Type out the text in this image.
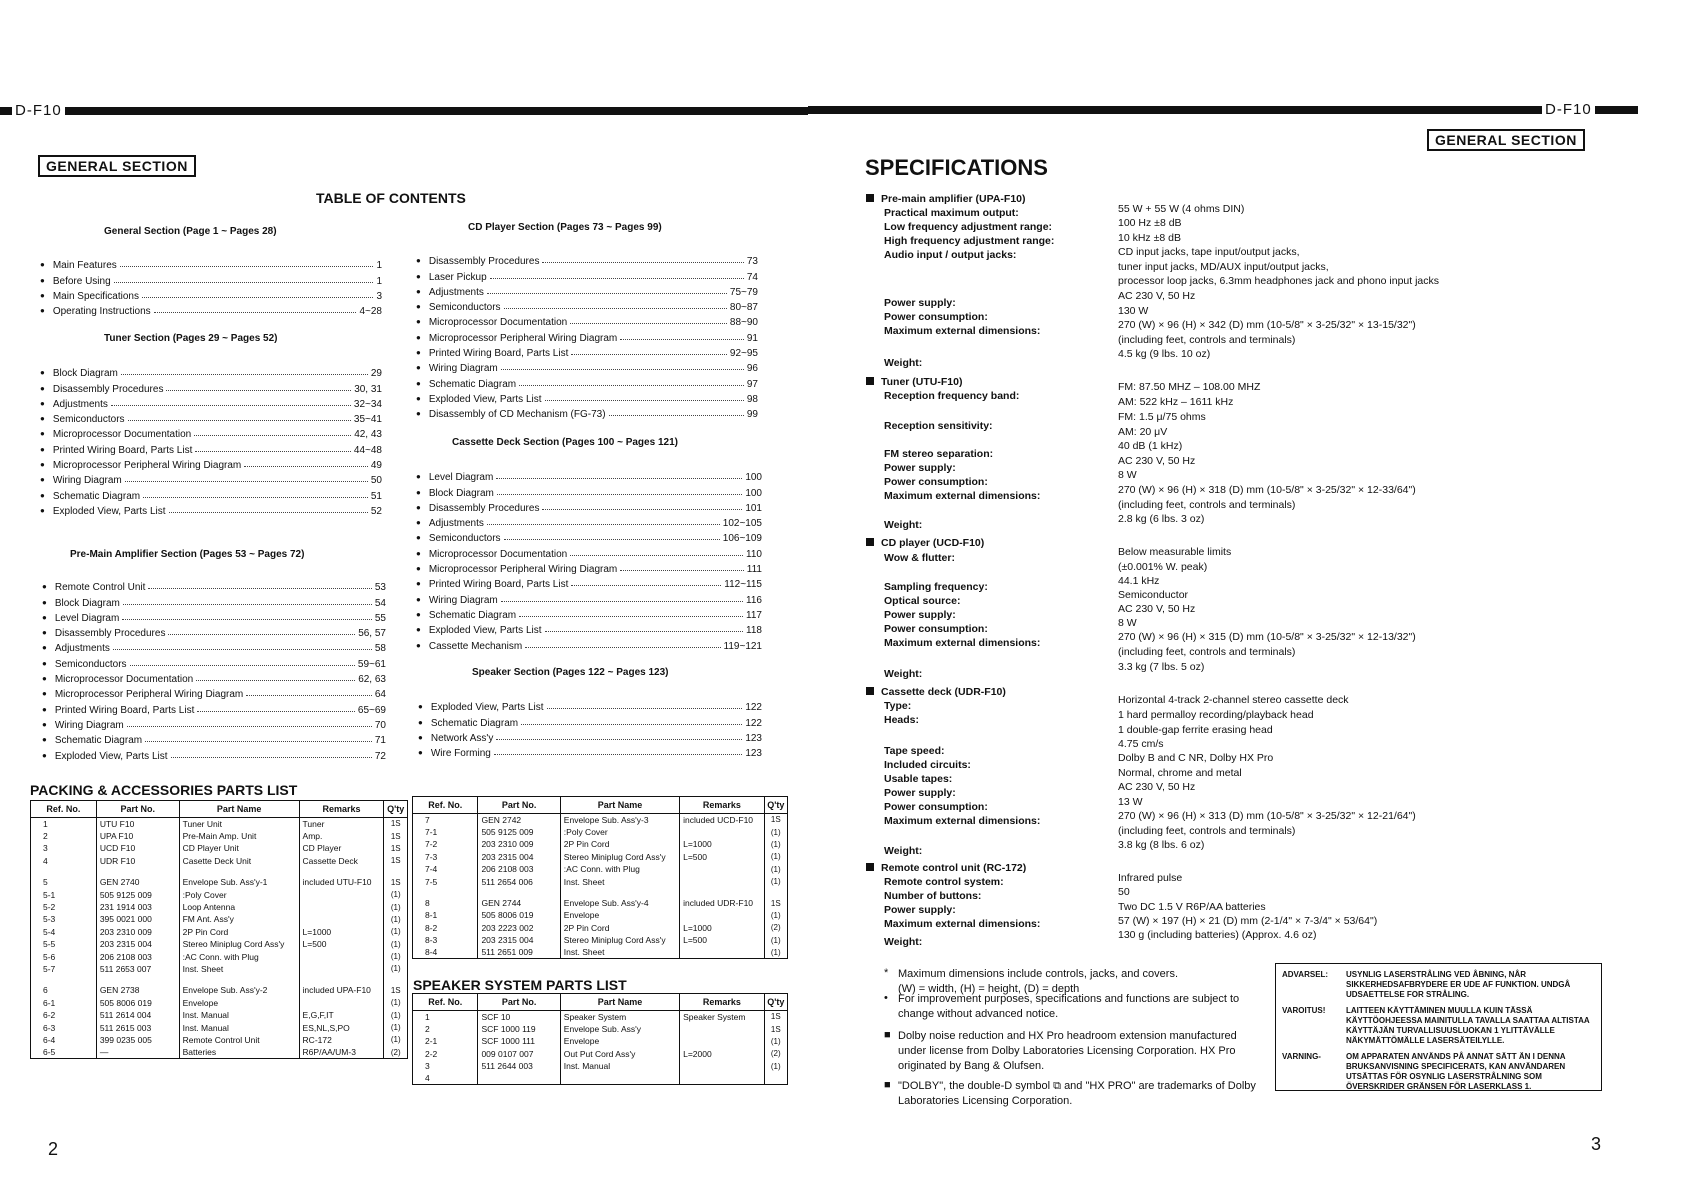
D-F10	D-F10
GENERAL SECTION
GENERAL SECTION
TABLE OF CONTENTS
General Section (Page 1 ~ Pages 28)
● Main Features	1
● Before Using	1
● Main Specifications	3
● Operating Instructions	4~28
Tuner Section (Pages 29 ~ Pages 52)
● Block Diagram	29
● Disassembly Procedures	30, 31
● Adjustments	32~34
● Semiconductors	35~41
● Microprocessor Documentation	42, 43
● Printed Wiring Board, Parts List	44~48
● Microprocessor Peripheral Wiring Diagram	49
● Wiring Diagram	50
● Schematic Diagram	51
● Exploded View, Parts List	52
Pre-Main Amplifier Section (Pages 53 ~ Pages 72)
● Remote Control Unit	53
● Block Diagram	54
● Level Diagram	55
● Disassembly Procedures	56, 57
● Adjustments	58
● Semiconductors	59~61
● Microprocessor Documentation	62, 63
● Microprocessor Peripheral Wiring Diagram	64
● Printed Wiring Board, Parts List	65~69
● Wiring Diagram	70
● Schematic Diagram	71
● Exploded View, Parts List	72
CD Player Section (Pages 73 ~ Pages 99)
● Disassembly Procedures	73
● Laser Pickup	74
● Adjustments	75~79
● Semiconductors	80~87
● Microprocessor Documentation	88~90
● Microprocessor Peripheral Wiring Diagram	91
● Printed Wiring Board, Parts List	92~95
● Wiring Diagram	96
● Schematic Diagram	97
● Exploded View, Parts List	98
● Disassembly of CD Mechanism (FG-73)	99
Cassette Deck Section (Pages 100 ~ Pages 121)
● Level Diagram	100
● Block Diagram	100
● Disassembly Procedures	101
● Adjustments	102~105
● Semiconductors	106~109
● Microprocessor Documentation	110
● Microprocessor Peripheral Wiring Diagram	111
● Printed Wiring Board, Parts List	112~115
● Wiring Diagram	116
● Schematic Diagram	117
● Exploded View, Parts List	118
● Cassette Mechanism	119~121
Speaker Section (Pages 122 ~ Pages 123)
● Exploded View, Parts List	122
● Schematic Diagram	122
● Network Ass'y	123
● Wire Forming	123
PACKING & ACCESSORIES PARTS LIST
Ref. No.	Part No.	Part Name	Remarks	Q'ty
1	UTU F10	Tuner Unit	Tuner	1S
2	UPA F10	Pre-Main Amp. Unit	Amp.	1S
3	UCD F10	CD Player Unit	CD Player	1S
4	UDR F10	Casette Deck Unit	Cassette Deck	1S

5	GEN 2740	Envelope Sub. Ass'y-1	included UTU-F10	1S
5-1	505 9125 009	:Poly Cover		(1)
5-2	231 1914 003	Loop Antenna		(1)
5-3	395 0021 000	FM Ant. Ass'y		(1)
5-4	203 2310 009	2P Pin Cord	L=1000	(1)
5-5	203 2315 004	Stereo Miniplug Cord Ass'y	L=500	(1)
5-6	206 2108 003	:AC Conn. with Plug		(1)
5-7	511 2653 007	Inst. Sheet		(1)

6	GEN 2738	Envelope Sub. Ass'y-2	included UPA-F10	1S
6-1	505 8006 019	Envelope		(1)
6-2	511 2614 004	Inst. Manual	E,G,F,IT	(1)
6-3	511 2615 003	Inst. Manual	ES,NL,S,PO	(1)
6-4	399 0235 005	Remote Control Unit	RC-172	(1)
6-5	—	Batteries	R6P/AA/UM-3	(2)
Ref. No.	Part No.	Part Name	Remarks	Q'ty
7	GEN 2742	Envelope Sub. Ass'y-3	included UCD-F10	1S
7-1	505 9125 009	:Poly Cover		(1)
7-2	203 2310 009	2P Pin Cord	L=1000	(1)
7-3	203 2315 004	Stereo Miniplug Cord Ass'y	L=500	(1)
7-4	206 2108 003	:AC Conn. with Plug		(1)
7-5	511 2654 006	Inst. Sheet		(1)

8	GEN 2744	Envelope Sub. Ass'y-4	included UDR-F10	1S
8-1	505 8006 019	Envelope		(1)
8-2	203 2223 002	2P Pin Cord	L=1000	(2)
8-3	203 2315 004	Stereo Miniplug Cord Ass'y	L=500	(1)
8-4	511 2651 009	Inst. Sheet		(1)
SPEAKER SYSTEM PARTS LIST
Ref. No.	Part No.	Part Name	Remarks	Q'ty
1	SCF 10	Speaker System	Speaker System	1S
2	SCF 1000 119	Envelope Sub. Ass'y		1S
2-1	SCF 1000 111	Envelope		(1)
2-2	009 0107 007	Out Put Cord Ass'y	L=2000	(2)
3	511 2644 003	Inst. Manual		(1)
4				
SPECIFICATIONS
Pre-main amplifier (UPA-F10)
Practical maximum output:	55 W + 55 W (4 ohms DIN)
Low frequency adjustment range:	100 Hz ±8 dB
High frequency adjustment range:	10 kHz ±8 dB
Audio input / output jacks:	CD input jacks, tape input/output jacks,
tuner input jacks, MD/AUX input/output jacks,
processor loop jacks, 6.3mm headphones jack and phono input jacks
Power supply:
AC 230 V, 50 Hz
Power consumption:	130 W
Maximum external dimensions:	270 (W) × 96 (H) × 342 (D) mm (10-5/8" × 3-25/32" × 13-15/32")
(including feet, controls and terminals)
Weight:
4.5 kg (9 lbs. 10 oz)
Tuner (UTU-F10)
Reception frequency band:
FM: 87.50 MHZ – 108.00 MHZ
AM: 522 kHz – 1611 kHz
Reception sensitivity:
FM: 1.5 μ/75 ohms
AM: 20 μV
FM stereo separation:
40 dB (1 kHz)
Power supply:
AC 230 V, 50 Hz
Power consumption:
8 W
Maximum external dimensions:	270 (W) × 96 (H) × 318 (D) mm (10-5/8" × 3-25/32" × 12-33/64")
(including feet, controls and terminals)
Weight:	2.8 kg (6 lbs. 3 oz)
CD player (UCD-F10)
Wow & flutter:	Below measurable limits
(±0.001% W. peak)
Sampling frequency:	44.1 kHz
Optical source:	Semiconductor
Power supply:	AC 230 V, 50 Hz
Power consumption:	8 W
Maximum external dimensions:	270 (W) × 96 (H) × 315 (D) mm (10-5/8" × 3-25/32" × 12-13/32")
(including feet, controls and terminals)
Weight:
3.3 kg (7 lbs. 5 oz)
Cassette deck (UDR-F10)
Type:	Horizontal 4-track 2-channel stereo cassette deck
Heads:	1 hard permalloy recording/playback head
1 double-gap ferrite erasing head
Tape speed:
4.75 cm/s
Included circuits:
Dolby B and C NR, Dolby HX Pro
Usable tapes:	Normal, chrome and metal
Power supply:	AC 230 V, 50 Hz
Power consumption:	13 W
Maximum external dimensions:	270 (W) × 96 (H) × 313 (D) mm (10-5/8" × 3-25/32" × 12-21/64")
(including feet, controls and terminals)
Weight:	3.8 kg (8 lbs. 6 oz)
Remote control unit (RC-172)
Remote control system:	Infrared pulse
Number of buttons:	50
Power supply:	Two DC 1.5 V R6P/AA batteries
Maximum external dimensions:	57 (W) × 197 (H) × 21 (D) mm (2-1/4" × 7-3/4" × 53/64")
Weight:
130 g (including batteries) (Approx. 4.6 oz)
* Maximum dimensions include controls, jacks, and covers.
(W) = width, (H) = height, (D) = depth
• For improvement purposes, specifications and functions are subject to change without advanced notice.
■ Dolby noise reduction and HX Pro headroom extension manufactured under license from Dolby Laboratories Licensing Corporation. HX Pro originated by Bang & Olufsen.
■ "DOLBY", the double-D symbol ⧉ and "HX PRO" are trademarks of Dolby Laboratories Licensing Corporation.
ADVARSEL:	USYNLIG LASERSTRÅLING VED ÅBNING, NÅR SIKKERHEDSAFBRYDERE ER UDE AF FUNKTION. UNDGÅ UDSAETTELSE FOR STRÅLING.
VAROITUS!	LAITTEEN KÄYTTÄMINEN MUULLA KUIN TÄSSÄ KÄYTTÖOHJEESSA MAINITULLA TAVALLA SAATTAA ALTISTAA KÄYTTÄJÄN TURVALLISUUSLUOKAN 1 YLITTÄVÄLLE NÄKYMÄTTÖMÄLLE LASERSÄTEILYLLE.
VARNING-	OM APPARATEN ANVÄNDS PÅ ANNAT SÄTT ÄN I DENNA BRUKSANVISNING SPECIFICERATS, KAN ANVÄNDAREN UTSÄTTAS FÖR OSYNLIG LASERSTRÅLNING SOM ÖVERSKRIDER GRÄNSEN FÖR LASERKLASS 1.
2	3
